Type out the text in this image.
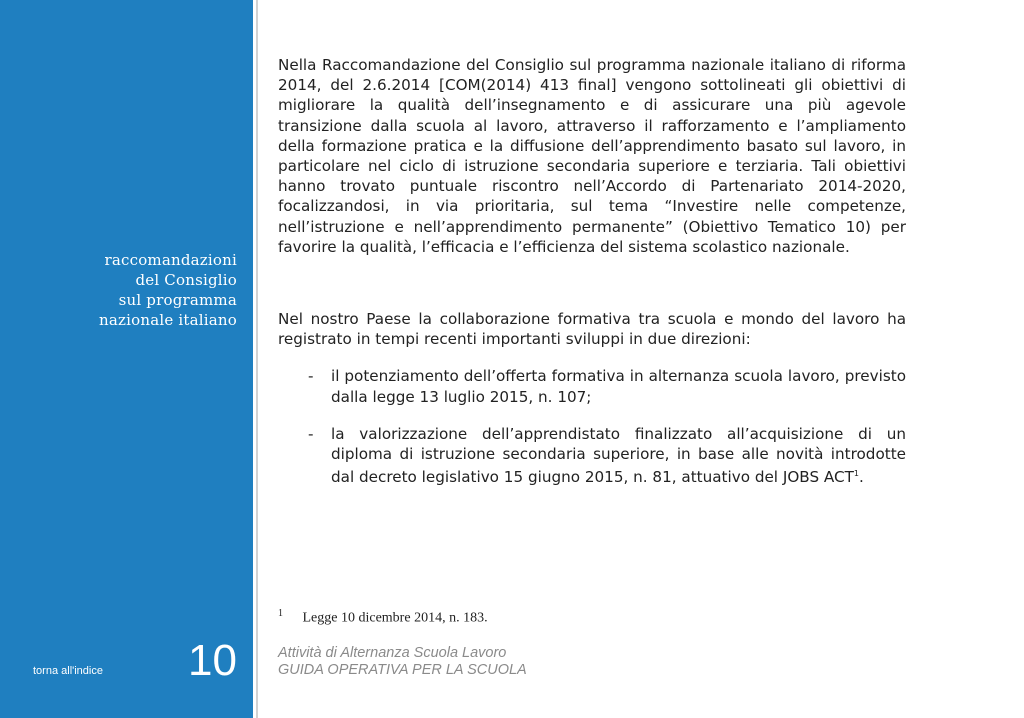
raccomandazioni
del Consiglio
sul programma
nazionale italiano
torna all'indice 10

Nella Raccomandazione del Consiglio sul programma nazionale italiano di riforma 2014, del 2.6.2014 [COM(2014) 413 final] vengono sottolineati gli obiettivi di migliorare la qualità dell’insegnamento e di assicurare una più agevole transizione dalla scuola al lavoro, attraverso il rafforzamento e l’ampliamento della formazione pratica e la diffusione dell’apprendimento basato sul lavoro, in particolare nel ciclo di istruzione secondaria superiore e terziaria. Tali obiettivi hanno trovato puntuale riscontro nell’Accordo di Partenariato 2014-2020, focalizzandosi, in via prioritaria, sul tema “Investire nelle competenze, nell’istruzione e nell’apprendimento permanente” (Obiettivo Tematico 10) per favorire la qualità, l’efficacia e l’efficienza del sistema scolastico nazionale.

Nel nostro Paese la collaborazione formativa tra scuola e mondo del lavoro ha registrato in tempi recenti importanti sviluppi in due direzioni:

- il potenziamento dell’offerta formativa in alternanza scuola lavoro, previsto dalla legge 13 luglio 2015, n. 107;
- la valorizzazione dell’apprendistato finalizzato all’acquisizione di un diploma di istruzione secondaria superiore, in base alle novità introdotte dal decreto legislativo 15 giugno 2015, n. 81, attuativo del JOBS ACT$^1$.
$^1$ Legge 10 dicembre 2014, n. 183.
Attività di Alternanza Scuola Lavoro
GUIDA OPERATIVA PER LA SCUOLA
